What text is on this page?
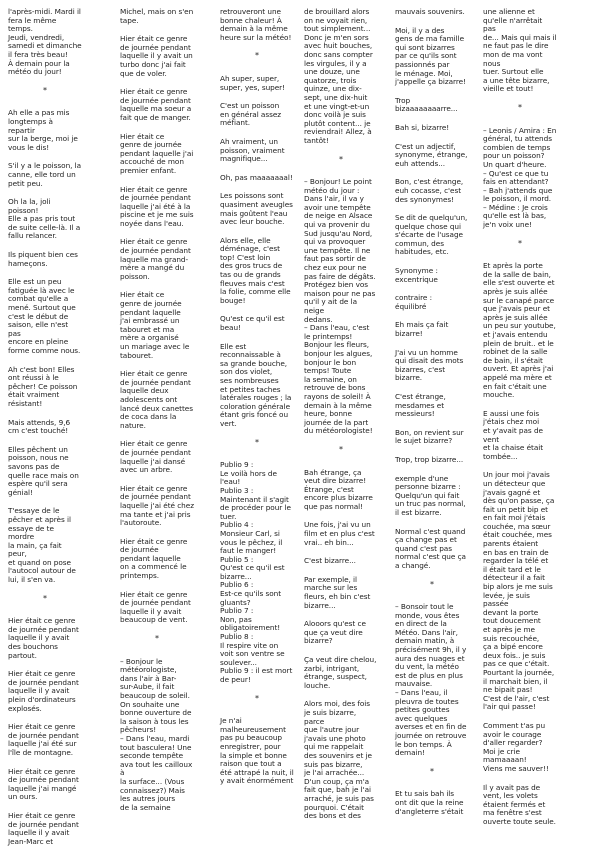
l'après-midi. Mardi il
fera le même temps.
Jeudi, vendredi,
samedi et dimanche
il fera très beau!
À demain pour la
météo du jour!

*

Ah elle a pas mis
longtemps à repartir
sur la berge, moi je
vous le dis!

S'il y a le poisson, la
canne, elle tord un
petit peu.

Oh la la, joli poisson!
Elle a pas pris tout
de suite celle-là. Il a
fallu relancer.

Ils piquent bien ces
hameçons.

Elle est un peu
fatiguée là avec le
combat qu'elle a
mené. Surtout que
c'est le début de
saison, elle n'est pas
encore en pleine
forme comme nous.

Ah c'est bon! Elles
ont réussi à le
pêcher! Ce poisson
était vraiment
résistant!

Mais attends, 9,6
cm c'est touché!

Elles pêchent un
poisson, nous ne
savons pas de
quelle race mais on
espère qu'il sera
génial!

T'essaye de le
pêcher et après il
essaye de te mordre
la main, ça fait peur,
et quand on pose
l'autocol autour de
lui, il s'en va.

*

Hier était ce genre
de journée pendant
laquelle il y avait
des bouchons
partout.

Hier était ce genre
de journée pendant
laquelle il y avait
plein d'ordinateurs
explosés.

Hier était ce genre
de journée pendant
laquelle j'ai été sur
l'île de montagne.

Hier était ce genre
de journée pendant
laquelle j'ai mangé
un ours.

Hier était ce genre
de journée pendant
laquelle il y avait
Jean-Marc et

Michel, mais on s'en
tape.

Hier était ce genre
de journée pendant
laquelle il y avait un
turbo donc j'ai fait
que de voler.

Hier était ce genre
de journée pendant
laquelle ma soeur a
fait que de manger.

Hier était ce
genre de journée
pendant laquelle j'ai
accouché de mon
premier enfant.

Hier était ce genre
de journée pendant
laquelle j'ai été à la
piscine et je me suis
noyée dans l'eau.

Hier était ce genre
de journée pendant
laquelle ma grand-
mère a mangé du
poisson.

Hier était ce
genre de journée
pendant laquelle
j'ai embrassé un
tabouret et ma
mère a organisé
un mariage avec le
tabouret.

Hier était ce genre
de journée pendant
laquelle deux
adolescents ont
lancé deux canettes
de coca dans la
nature.

Hier était ce genre
de journée pendant
laquelle j'ai dansé
avec un arbre.

Hier était ce genre
de journée pendant
laquelle j'ai été chez
ma tante et j'ai pris
l'autoroute.

Hier était ce genre
de journée
pendant laquelle
on a commencé le
printemps.

Hier était ce genre
de journée pendant
laquelle il y avait
beaucoup de vent.

*

– Bonjour le
météorologiste,
dans l'air à Bar-
sur-Aube, il fait
beaucoup de soleil.
On souhaite une
bonne ouverture de
la saison à tous les
pêcheurs!
– Dans l'eau, mardi
tout basculera! Une
seconde tempête
ava tout les cailloux à
la surface... (Vous
connaissez?) Mais
les autres jours
de la semaine

retrouveront une
bonne chaleur! À
demain à la même
heure sur la météo!

*

Ah super, super,
super, yes, super!

C'est un poisson
en général assez
méfiant.

Ah vraiment, un
poisson, vraiment
magnifique...

Oh, pas maaaaaaal!

Les poissons sont
quasiment aveugles
mais goûtent l'eau
avec leur bouche.

Alors elle, elle
déménage, c'est
top! C'est loin
des gros trucs de
tas ou de grands
fleuves mais c'est
la folie, comme elle
bouge!

Qu'est ce qu'il est
beau!

Elle est
reconnaissable à
sa grande bouche,
son dos violet,
ses nombreuses
et petites taches
latérales rouges ; la
coloration générale
étant gris foncé ou
vert.

*

Publio 9 :
Le voilà hors de
l'eau!
Publio 3 :
Maintenant il s'agit
de procéder pour le
tuer.
Publio 4 :
Monsieur Carl, si
vous le pêchez, il
faut le manger!
Publio 5 :
Qu'est ce qu'il est
bizarre...
Publio 6 :
Est-ce qu'ils sont
gluants?
Publio 7 :
Non, pas
obligatoirement!
Publio 8 :
Il respire vite on
voit son ventre se
soulever...
Publio 9 : il est mort
de peur!

*

Je n'ai
malheureusement
pas pu beaucoup
enregistrer, pour
la simple et bonne
raison que tout a
été attrapé la nuit, il
y avait énormément

de brouillard alors
on ne voyait rien,
tout simplement...
Donc je m'en sors
avec huit bouches,
donc sans compter
les virgules, il y a
une douze, une
quatorze, trois
quinze, une dix-
sept, une dix-huit
et une vingt-et-un
donc voilà je suis
plutôt content... je
reviendrai! Allez, à
tantôt!

*

– Bonjour! Le point
météo du jour :
Dans l'air, il va y
avoir une tempête
de neige en Alsace
qui va provenir du
Sud jusqu'au Nord,
qui va provoquer
une tempête. Il ne
faut pas sortir de
chez eux pour ne
pas faire de dégâts.
Protégez bien vos
maison pour ne pas
qu'il y ait de la neige
dedans.
– Dans l'eau, c'est
le printemps!
Bonjour les fleurs,
bonjour les algues,
bonjour le bon
temps! Toute
la semaine, on
retrouve de bons
rayons de soleil! À
demain à la même
heure, bonne
journée de la part
du météorologiste!

*

Bah étrange, ça
veut dire bizarre!
Étrange, c'est
encore plus bizarre
que pas normal!

Une fois, j'ai vu un
film et en plus c'est
vrai.. eh bin...

C'est bizarre...

Par exemple, il
marche sur les
fleurs, eh bin c'est
bizarre...

Alooors qu'est ce
que ça veut dire
bizarre?

Ça veut dire chelou,
zarbi, intrigant,
étrange, suspect,
louche.

Alors moi, des fois
je suis bizarre, parce
que l'autre jour
j'avais une photo
qui me rappelait
des souvenirs et je
suis pas bizarre,
je l'ai arrachée...
D'un coup, ça m'a
fait que, bah je l'ai
arraché, je suis pas
pourquoi. C'était
des bons et des

mauvais souvenirs.

Moi, il y a des
gens de ma famille
qui sont bizarres
par ce qu'ils sont
passionnés par
le ménage. Moi,
j'appelle ça bizarre!

Trop
bizaaaaaaaarre...

Bah si, bizarre!

C'est un adjectif,
synonyme, étrange,
euh attends...

Bon, c'est étrange,
euh cocasse, c'est
des synonymes!

Se dit de quelqu'un,
quelque chose qui
s'écarte de l'usage
commun, des
habitudes, etc.

Synonyme :
excentrique

contraire :
équilibré

Eh mais ça fait
bizarre!

J'ai vu un homme
qui disait des mots
bizarres, c'est
bizarre.

C'est étrange,
mesdames et
messieurs!

Bon, on revient sur
le sujet bizarre?

Trop, trop bizarre...

exemple d'une
personne bizarre :
Quelqu'un qui fait
un truc pas normal,
il est bizarre.

Normal c'est quand
ça change pas et
quand c'est pas
normal c'est que ça
a changé.

*

– Bonsoir tout le
monde, vous êtes
en direct de la
Météo. Dans l'air,
demain matin, à
précisément 9h, il y
aura des nuages et
du vent, la météo
est de plus en plus
mauvaise.
– Dans l'eau, il
pleuvra de toutes
petites gouttes
avec quelques
averses et en fin de
journée on retrouve
le bon temps. À
demain!

*

Et tu sais bah ils
ont dit que la reine
d'angleterre s'était

une alienne et
qu'elle n'arrêtait pas
de... Mais qui mais il
ne faut pas le dire
mon de ma vont nous
tuer. Surtout elle
a une tête bizarre,
vieille et tout!

*

– Leonis / Amira : En
général, tu attends
combien de temps
pour un poisson?
Un quart d'heure.
– Qu'est ce que tu
fais en attendant?
– Bah j'attends que
le poisson, il mord.
– Médine : Je crois
qu'elle est là bas,
je'n voix une!

*

Et après la porte
de la salle de bain,
elle s'est ouverte et
après je suis allée
sur le canapé parce
que j'avais peur et
après je suis allée
un peu sur youtube,
et j'avais entendu
plein de bruit.. et le
robinet de la salle
de bain, il s'était
ouvert. Et après j'ai
appelé ma mère et
en fait c'était une
mouche.

E aussi une fois
j'étais chez moi
et y'avait pas de vent
et la chaise était
tombée...

Un jour moi j'avais
un détecteur que
j'avais gagné et
dès qu'on passe, ça
fait un petit bip et
en fait moi j'étais
couchée, ma sœur
était couchée, mes
parents étaient
en bas en train de
regarder la télé et
il était tard et le
détecteur il a fait
bip alors je me suis
levée, je suis passée
devant la porte
tout doucement
et après je me
suis recouchée,
ça a bipé encore
deux fois.. je suis
pas ce que c'était.
Pourtant la journée,
il marchait bien, il
ne bipait pas!
C'est de l'air, c'est
l'air qui passe!

Comment t'as pu
avoir le courage
d'aller regarder?
Moi je crie
mamaaaan!
Viens me sauver!!

Il y avait pas de
vent, les volets
étaient fermés et
ma fenêtre s'est
ouverte toute seule.
